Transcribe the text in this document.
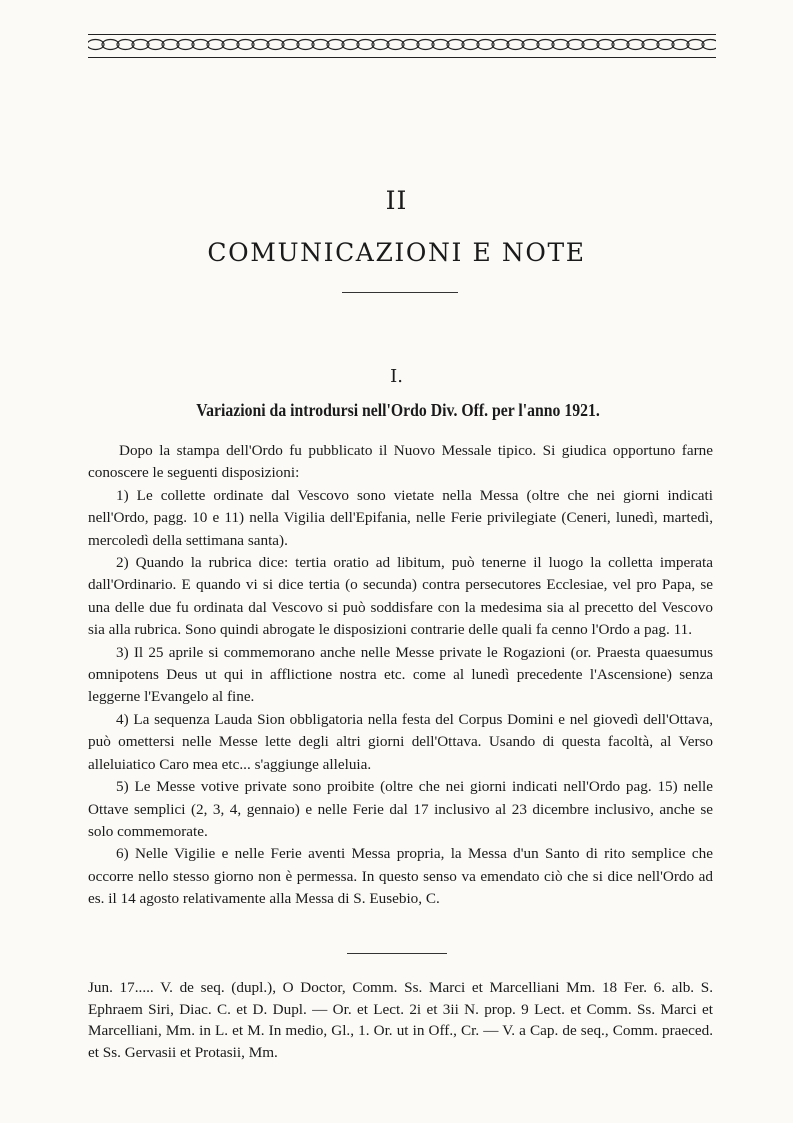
II
COMUNICAZIONI E NOTE
I.
Variazioni da introdursi nell'Ordo Div. Off. per l'anno 1921.

Dopo la stampa dell'Ordo fu pubblicato il Nuovo Messale tipico. Si giudica opportuno farne conoscere le seguenti disposizioni:

1) Le collette ordinate dal Vescovo sono vietate nella Messa (oltre che nei giorni indicati nell'Ordo, pagg. 10 e 11) nella Vigilia dell'Epifania, nelle Ferie privilegiate (Ceneri, lunedì, martedì, mercoledì della settimana santa).

2) Quando la rubrica dice: tertia oratio ad libitum, può tenerne il luogo la colletta imperata dall'Ordinario. E quando vi si dice tertia (o secunda) contra persecutores Ecclesiae, vel pro Papa, se una delle due fu ordinata dal Vescovo si può soddisfare con la medesima sia al precetto del Vescovo sia alla rubrica. Sono quindi abrogate le disposizioni contrarie delle quali fa cenno l'Ordo a pag. 11.

3) Il 25 aprile si commemorano anche nelle Messe private le Rogazioni (or. Praesta quaesumus omnipotens Deus ut qui in afflictione nostra etc. come al lunedì precedente l'Ascensione) senza leggerne l'Evangelo al fine.

4) La sequenza Lauda Sion obbligatoria nella festa del Corpus Domini e nel giovedì dell'Ottava, può omettersi nelle Messe lette degli altri giorni dell'Ottava. Usando di questa facoltà, al Verso alleluiatico Caro mea etc... s'aggiunge alleluia.

5) Le Messe votive private sono proibite (oltre che nei giorni indicati nell'Ordo pag. 15) nelle Ottave semplici (2, 3, 4, gennaio) e nelle Ferie dal 17 inclusivo al 23 dicembre inclusivo, anche se solo commemorate.

6) Nelle Vigilie e nelle Ferie aventi Messa propria, la Messa d'un Santo di rito semplice che occorre nello stesso giorno non è permessa. In questo senso va emendato ciò che si dice nell'Ordo ad es. il 14 agosto relativamente alla Messa di S. Eusebio, C.

Jun. 17..... V. de seq. (dupl.), O Doctor, Comm. Ss. Marci et Marcelliani Mm. 18 Fer. 6. alb. S. Ephraem Siri, Diac. C. et D. Dupl. — Or. et Lect. 2i et 3ii N. prop. 9 Lect. et Comm. Ss. Marci et Marcelliani, Mm. in L. et M. In medio, Gl., 1. Or. ut in Off., Cr. — V. a Cap. de seq., Comm. praeced. et Ss. Gervasii et Protasii, Mm.
